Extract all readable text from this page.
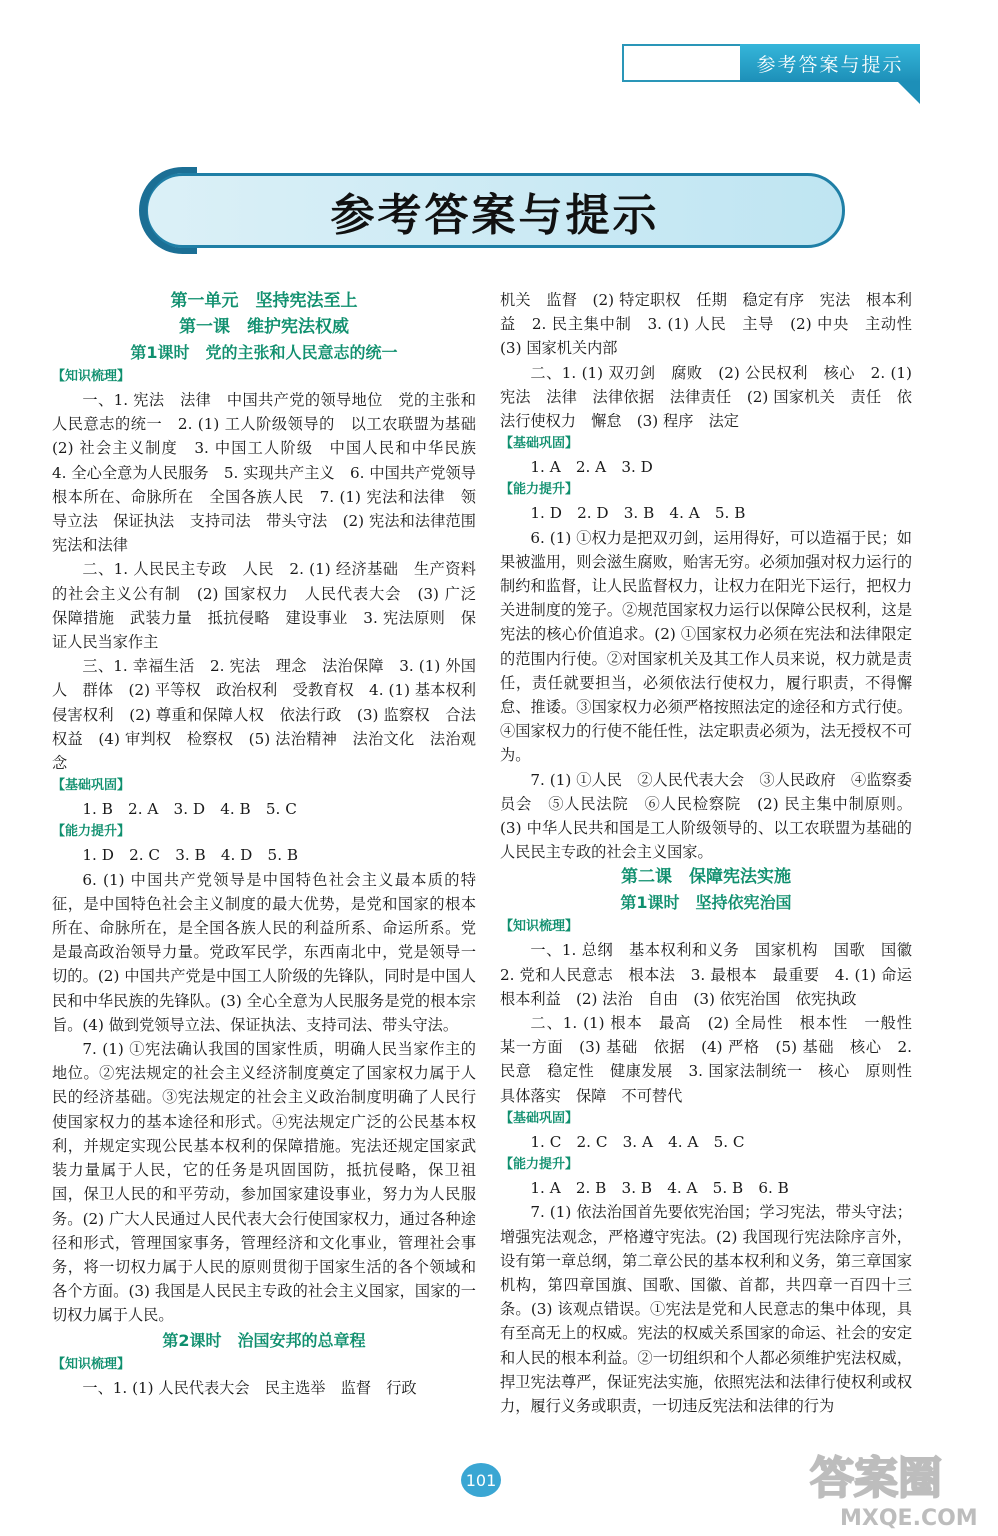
参考答案与提示
参考答案与提示
第一单元　坚持宪法至上
第一课　维护宪法权威
第1课时　党的主张和人民意志的统一
【知识梳理】

一、1. 宪法　法律　中国共产党的领导地位　党的主张和人民意志的统一　2. (1) 工人阶级领导的　以工农联盟为基础　(2) 社会主义制度　3. 中国工人阶级　中国人民和中华民族　4. 全心全意为人民服务　5. 实现共产主义　6. 中国共产党领导　根本所在、命脉所在　全国各族人民　7. (1) 宪法和法律　领导立法　保证执法　支持司法　带头守法　(2) 宪法和法律范围　宪法和法律

二、1. 人民民主专政　人民　2. (1) 经济基础　生产资料的社会主义公有制　(2) 国家权力　人民代表大会　(3) 广泛　保障措施　武装力量　抵抗侵略　建设事业　3. 宪法原则　保证人民当家作主

三、1. 幸福生活　2. 宪法　理念　法治保障　3. (1) 外国人　群体　(2) 平等权　政治权利　受教育权　4. (1) 基本权利　侵害权利　(2) 尊重和保障人权　依法行政　(3) 监察权　合法权益　(4) 审判权　检察权　(5) 法治精神　法治文化　法治观念

【基础巩固】

1. B　2. A　3. D　4. B　5. C

【能力提升】

1. D　2. C　3. B　4. D　5. B

6. (1) 中国共产党领导是中国特色社会主义最本质的特征，是中国特色社会主义制度的最大优势，是党和国家的根本所在、命脉所在，是全国各族人民的利益所系、命运所系。党是最高政治领导力量。党政军民学，东西南北中，党是领导一切的。(2) 中国共产党是中国工人阶级的先锋队，同时是中国人民和中华民族的先锋队。(3) 全心全意为人民服务是党的根本宗旨。(4) 做到党领导立法、保证执法、支持司法、带头守法。

7. (1) ①宪法确认我国的国家性质，明确人民当家作主的地位。②宪法规定的社会主义经济制度奠定了国家权力属于人民的经济基础。③宪法规定的社会主义政治制度明确了人民行使国家权力的基本途径和形式。④宪法规定广泛的公民基本权利，并规定实现公民基本权利的保障措施。宪法还规定国家武装力量属于人民，它的任务是巩固国防，抵抗侵略，保卫祖国，保卫人民的和平劳动，参加国家建设事业，努力为人民服务。(2) 广大人民通过人民代表大会行使国家权力，通过各种途径和形式，管理国家事务，管理经济和文化事业，管理社会事务，将一切权力属于人民的原则贯彻于国家生活的各个领域和各个方面。(3) 我国是人民民主专政的社会主义国家，国家的一切权力属于人民。

第2课时　治国安邦的总章程
【知识梳理】

一、1. (1) 人民代表大会　民主选举　监督　行政

机关　监督　(2) 特定职权　任期　稳定有序　宪法　根本利益　2. 民主集中制　3. (1) 人民　主导　(2) 中央　主动性　(3) 国家机关内部

二、1. (1) 双刃剑　腐败　(2) 公民权利　核心　2. (1) 宪法　法律　法律依据　法律责任　(2) 国家机关　责任　依法行使权力　懈怠　(3) 程序　法定

【基础巩固】

1. A　2. A　3. D

【能力提升】

1. D　2. D　3. B　4. A　5. B

6. (1) ①权力是把双刃剑，运用得好，可以造福于民；如果被滥用，则会滋生腐败，贻害无穷。必须加强对权力运行的制约和监督，让人民监督权力，让权力在阳光下运行，把权力关进制度的笼子。②规范国家权力运行以保障公民权利，这是宪法的核心价值追求。(2) ①国家权力必须在宪法和法律限定的范围内行使。②对国家机关及其工作人员来说，权力就是责任，责任就要担当，必须依法行使权力，履行职责，不得懈怠、推诿。③国家权力必须严格按照法定的途径和方式行使。④国家权力的行使不能任性，法定职责必须为，法无授权不可为。

7. (1) ①人民　②人民代表大会　③人民政府　④监察委员会　⑤人民法院　⑥人民检察院　(2) 民主集中制原则。(3) 中华人民共和国是工人阶级领导的、以工农联盟为基础的人民民主专政的社会主义国家。

第二课　保障宪法实施
第1课时　坚持依宪治国
【知识梳理】

一、1. 总纲　基本权利和义务　国家机构　国歌　国徽　2. 党和人民意志　根本法　3. 最根本　最重要　4. (1) 命运　根本利益　(2) 法治　自由　(3) 依宪治国　依宪执政

二、1. (1) 根本　最高　(2) 全局性　根本性　一般性　某一方面　(3) 基础　依据　(4) 严格　(5) 基础　核心　2. 民意　稳定性　健康发展　3. 国家法制统一　核心　原则性　具体落实　保障　不可替代

【基础巩固】

1. C　2. C　3. A　4. A　5. C

【能力提升】

1. A　2. B　3. B　4. A　5. B　6. B

7. (1) 依法治国首先要依宪治国；学习宪法，带头守法；增强宪法观念，严格遵守宪法。(2) 我国现行宪法除序言外，设有第一章总纲，第二章公民的基本权利和义务，第三章国家机构，第四章国旗、国歌、国徽、首都，共四章一百四十三条。(3) 该观点错误。①宪法是党和人民意志的集中体现，具有至高无上的权威。宪法的权威关系国家的命运、社会的安定和人民的根本利益。②一切组织和个人都必须维护宪法权威，捍卫宪法尊严，保证宪法实施，依照宪法和法律行使权利或权力，履行义务或职责，一切违反宪法和法律的行为

101	答案圈
MXQE.COM
